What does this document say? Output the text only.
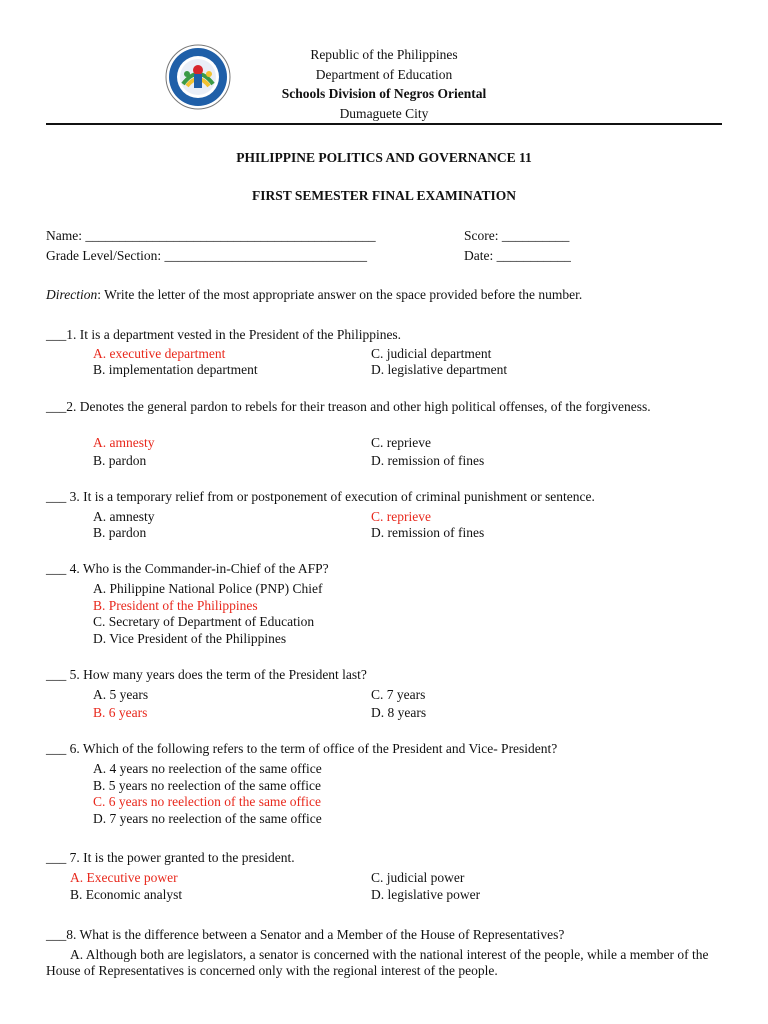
Republic of the Philippines
Department of Education
Schools Division of Negros Oriental
Dumaguete City
PHILIPPINE POLITICS AND GOVERNANCE 11
FIRST SEMESTER FINAL EXAMINATION
Name: ___________________________________________	Score: __________
Grade Level/Section: ______________________________	Date: ___________
Direction: Write the letter of the most appropriate answer on the space provided before the number.
___1. It is a department vested in the President of the Philippines.
A. executive department
B. implementation department
C. judicial department
D. legislative department
___2. Denotes the general pardon to rebels for their treason and other high political offenses, of the forgiveness.
A. amnesty
B. pardon
C. reprieve
D. remission of fines
___ 3. It is a temporary relief from or postponement of execution of criminal punishment or sentence.
A. amnesty
B. pardon
C. reprieve
D. remission of fines
___ 4. Who is the Commander-in-Chief of the AFP?
A. Philippine National Police (PNP) Chief
B. President of the Philippines
C. Secretary of Department of Education
D. Vice President of the Philippines
___ 5. How many years does the term of the President last?
A. 5 years
B. 6 years
C. 7 years
D. 8 years
___ 6. Which of the following refers to the term of office of the President and Vice- President?
A. 4 years no reelection of the same office
B. 5 years no reelection of the same office
C. 6 years no reelection of the same office
D. 7 years no reelection of the same office
___ 7. It is the power granted to the president.
A. Executive power
B. Economic analyst
C. judicial power
D. legislative power
___8. What is the difference between a Senator and a Member of the House of Representatives?
A. Although both are legislators, a senator is concerned with the national interest of the people, while a member of the House of Representatives is concerned only with the regional interest of the people.
